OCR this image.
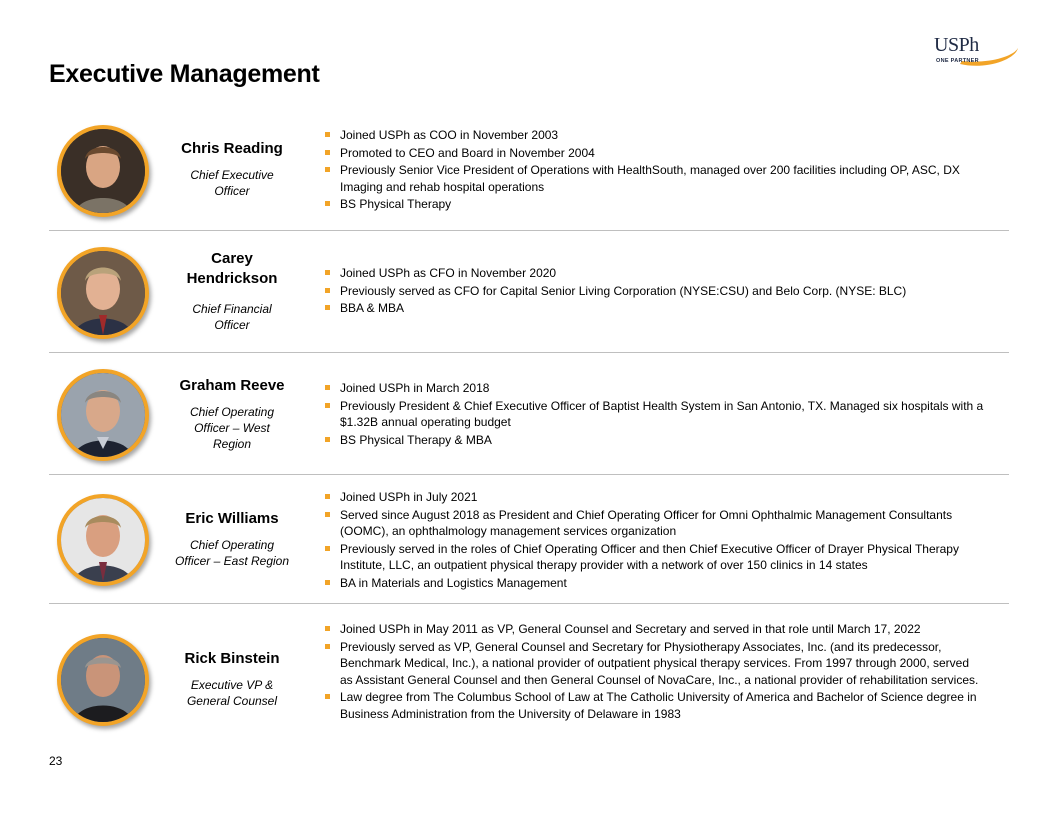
Executive Management
USPh
ONE PARTNER
Chris Reading
Chief Executive
Officer
Joined USPh as COO in November 2003
Promoted to CEO and Board in November 2004
Previously Senior Vice President of Operations with HealthSouth, managed over 200 facilities including OP, ASC, DX Imaging and rehab hospital operations
BS Physical Therapy
Carey
Hendrickson
Chief Financial
Officer
Joined USPh as CFO in November 2020
Previously served as CFO for Capital Senior Living Corporation (NYSE:CSU) and Belo Corp. (NYSE: BLC)
BBA & MBA
Graham Reeve
Chief Operating
Officer – West
Region
Joined USPh in March 2018
Previously President & Chief Executive Officer of Baptist Health System in San Antonio, TX. Managed six hospitals with a $1.32B annual operating budget
BS Physical Therapy & MBA
Eric Williams
Chief Operating
Officer – East Region
Joined USPh in July 2021
Served since August 2018 as President and Chief Operating Officer for Omni Ophthalmic Management Consultants (OOMC), an ophthalmology management services organization
Previously served in the roles of Chief Operating Officer and then Chief Executive Officer of Drayer Physical Therapy Institute, LLC, an outpatient physical therapy provider with a network of over 150 clinics in 14 states
BA in Materials and Logistics Management
Rick Binstein
Executive VP &
General Counsel
Joined USPh in May 2011 as VP, General Counsel and Secretary and served in that role until March 17, 2022
Previously served as VP, General Counsel and Secretary for Physiotherapy Associates, Inc. (and its predecessor, Benchmark Medical, Inc.), a national provider of outpatient physical therapy services. From 1997 through 2000, served as Assistant General Counsel and then General Counsel of NovaCare, Inc., a national provider of rehabilitation services.
Law degree from The Columbus School of Law at The Catholic University of America and Bachelor of Science degree in Business Administration from the University of Delaware in 1983
23
